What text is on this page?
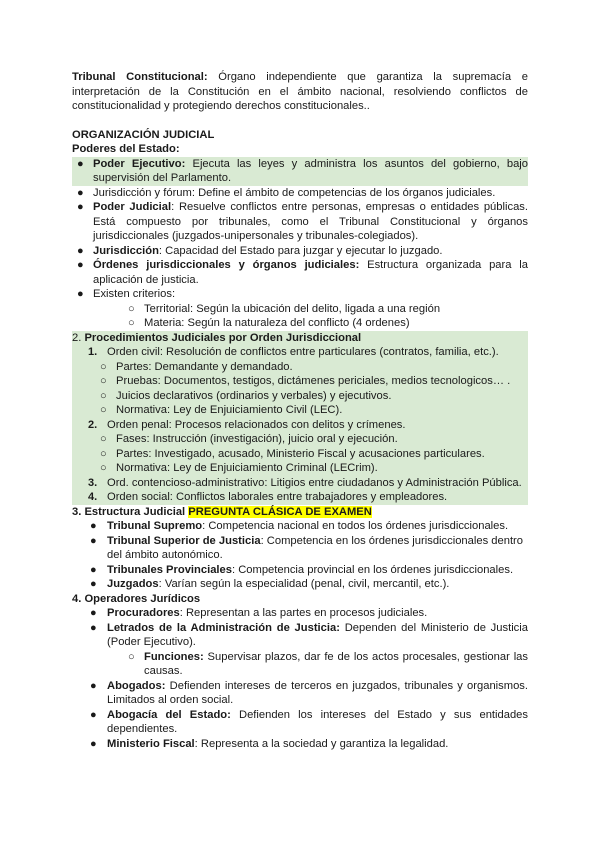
Tribunal Constitucional: Órgano independiente que garantiza la supremacía e interpretación de la Constitución en el ámbito nacional, resolviendo conflictos de constitucionalidad y protegiendo derechos constitucionales..

ORGANIZACIÓN JUDICIAL

Poderes del Estado:

● Poder Ejecutivo: Ejecuta las leyes y administra los asuntos del gobierno, bajo supervisión del Parlamento.

● Jurisdicción y fórum: Define el ámbito de competencias de los órganos judiciales.

● Poder Judicial: Resuelve conflictos entre personas, empresas o entidades públicas. Está compuesto por tribunales, como el Tribunal Constitucional y órganos jurisdiccionales (juzgados-unipersonales y tribunales-colegiados).

● Jurisdicción: Capacidad del Estado para juzgar y ejecutar lo juzgado.

● Órdenes jurisdiccionales y órganos judiciales: Estructura organizada para la aplicación de justicia.

● Existen criterios:

○ Territorial: Según la ubicación del delito, ligada a una región

○ Materia: Según la naturaleza del conflicto (4 ordenes)

2. Procedimientos Judiciales por Orden Jurisdiccional

1. Orden civil: Resolución de conflictos entre particulares (contratos, familia, etc.).

○ Partes: Demandante y demandado.

○ Pruebas: Documentos, testigos, dictámenes periciales, medios tecnologicos… .

○ Juicios declarativos (ordinarios y verbales) y ejecutivos.

○ Normativa: Ley de Enjuiciamiento Civil (LEC).

2. Orden penal: Procesos relacionados con delitos y crímenes.

○ Fases: Instrucción (investigación), juicio oral y ejecución.

○ Partes: Investigado, acusado, Ministerio Fiscal y acusaciones particulares.

○ Normativa: Ley de Enjuiciamiento Criminal (LECrim).

3. Ord. contencioso-administrativo: Litigios entre ciudadanos y Administración Pública.

4. Orden social: Conflictos laborales entre trabajadores y empleadores.

3. Estructura Judicial PREGUNTA CLÁSICA DE EXAMEN

● Tribunal Supremo: Competencia nacional en todos los órdenes jurisdiccionales.

● Tribunal Superior de Justicia: Competencia en los órdenes jurisdiccionales dentro del ámbito autonómico.

● Tribunales Provinciales: Competencia provincial en los órdenes jurisdiccionales.

● Juzgados: Varían según la especialidad (penal, civil, mercantil, etc.).

4. Operadores Jurídicos

● Procuradores: Representan a las partes en procesos judiciales.

● Letrados de la Administración de Justicia: Dependen del Ministerio de Justicia (Poder Ejecutivo).

○ Funciones: Supervisar plazos, dar fe de los actos procesales, gestionar las causas.

● Abogados: Defienden intereses de terceros en juzgados, tribunales y organismos. Limitados al orden social.

● Abogacía del Estado: Defienden los intereses del Estado y sus entidades dependientes.

● Ministerio Fiscal: Representa a la sociedad y garantiza la legalidad.
